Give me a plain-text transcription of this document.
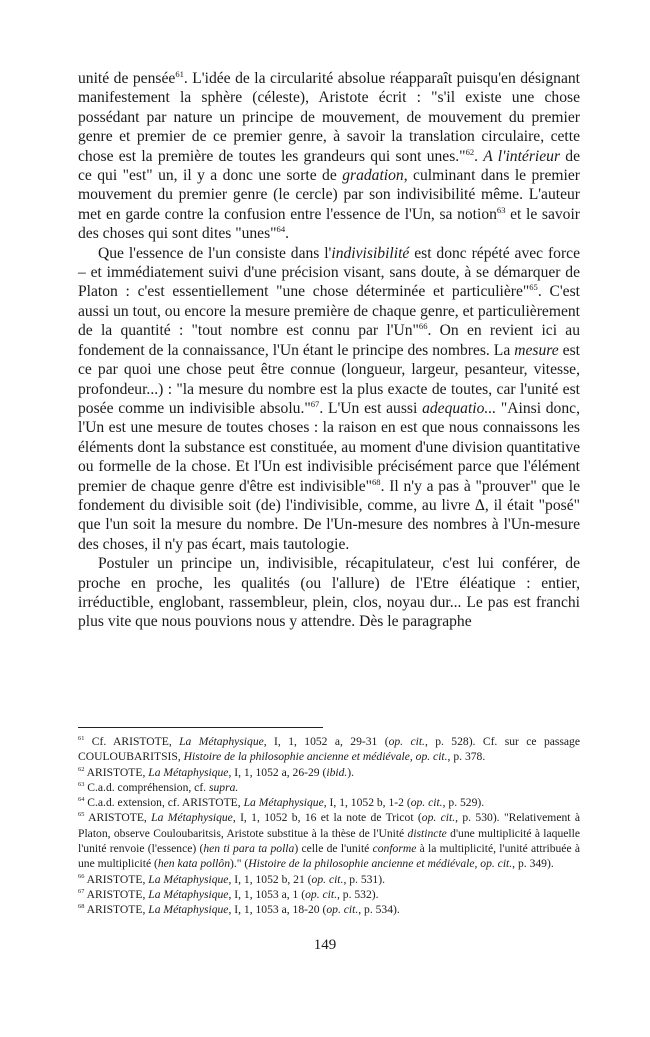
unité de pensée$^{61}$. L'idée de la circularité absolue réapparaît puisqu'en désignant manifestement la sphère (céleste), Aristote écrit : "s'il existe une chose possédant par nature un principe de mouvement, de mouvement du premier genre et premier de ce premier genre, à savoir la translation circulaire, cette chose est la première de toutes les grandeurs qui sont unes."$^{62}$. A l'intérieur de ce qui "est" un, il y a donc une sorte de gradation, culminant dans le premier mouvement du premier genre (le cercle) par son indivisibilité même. L'auteur met en garde contre la confusion entre l'essence de l'Un, sa notion$^{63}$ et le savoir des choses qui sont dites "unes"$^{64}$.

Que l'essence de l'un consiste dans l'indivisibilité est donc répété avec force – et immédiatement suivi d'une précision visant, sans doute, à se démarquer de Platon : c'est essentiellement "une chose déterminée et particulière"$^{65}$. C'est aussi un tout, ou encore la mesure première de chaque genre, et particulièrement de la quantité : "tout nombre est connu par l'Un"$^{66}$. On en revient ici au fondement de la connaissance, l'Un étant le principe des nombres. La mesure est ce par quoi une chose peut être connue (longueur, largeur, pesanteur, vitesse, profondeur...) : "la mesure du nombre est la plus exacte de toutes, car l'unité est posée comme un indivisible absolu."$^{67}$. L'Un est aussi adequatio... "Ainsi donc, l'Un est une mesure de toutes choses : la raison en est que nous connaissons les éléments dont la substance est constituée, au moment d'une division quantitative ou formelle de la chose. Et l'Un est indivisible précisément parce que l'élément premier de chaque genre d'être est indivisible"$^{68}$. Il n'y a pas à "prouver" que le fondement du divisible soit (de) l'indivisible, comme, au livre Δ, il était "posé" que l'un soit la mesure du nombre. De l'Un-mesure des nombres à l'Un-mesure des choses, il n'y pas écart, mais tautologie.

Postuler un principe un, indivisible, récapitulateur, c'est lui conférer, de proche en proche, les qualités (ou l'allure) de l'Etre éléatique : entier, irréductible, englobant, rassembleur, plein, clos, noyau dur... Le pas est franchi plus vite que nous pouvions nous y attendre. Dès le paragraphe

$^{61}$ Cf. ARISTOTE, La Métaphysique, I, 1, 1052 a, 29-31 (op. cit., p. 528). Cf. sur ce passage COULOUBARITSIS, Histoire de la philosophie ancienne et médiévale, op. cit., p. 378.

$^{62}$ ARISTOTE, La Métaphysique, I, 1, 1052 a, 26-29 (ibid.).

$^{63}$ C.a.d. compréhension, cf. supra.

$^{64}$ C.a.d. extension, cf. ARISTOTE, La Métaphysique, I, 1, 1052 b, 1-2 (op. cit., p. 529).

$^{65}$ ARISTOTE, La Métaphysique, I, 1, 1052 b, 16 et la note de Tricot (op. cit., p. 530). "Relativement à Platon, observe Couloubaritsis, Aristote substitue à la thèse de l'Unité distincte d'une multiplicité à laquelle l'unité renvoie (l'essence) (hen ti para ta polla) celle de l'unité conforme à la multiplicité, l'unité attribuée à une multiplicité (hen kata pollôn)." (Histoire de la philosophie ancienne et médiévale, op. cit., p. 349).

$^{66}$ ARISTOTE, La Métaphysique, I, 1, 1052 b, 21 (op. cit., p. 531).

$^{67}$ ARISTOTE, La Métaphysique, I, 1, 1053 a, 1 (op. cit., p. 532).

$^{68}$ ARISTOTE, La Métaphysique, I, 1, 1053 a, 18-20 (op. cit., p. 534).

149
